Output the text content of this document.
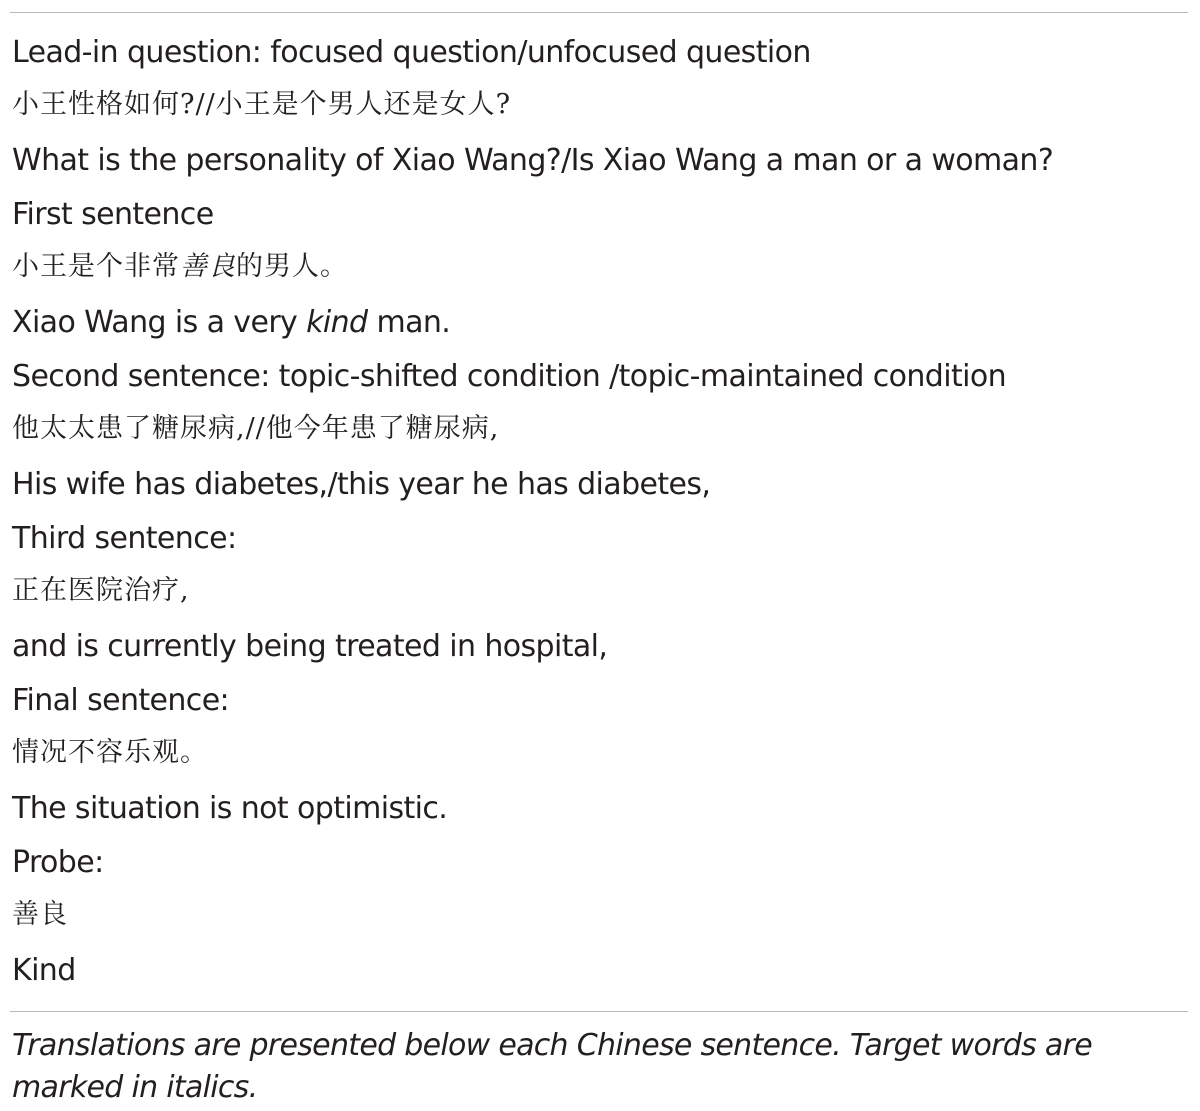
Lead-in question: focused question/unfocused question
小王性格如何?//小王是个男人还是女人?
What is the personality of Xiao Wang?/Is Xiao Wang a man or a woman?
First sentence
小王是个非常善良的男人。
Xiao Wang is a very kind man.
Second sentence: topic-shifted condition /topic-maintained condition
他太太患了糖尿病,//他今年患了糖尿病,
His wife has diabetes,/this year he has diabetes,
Third sentence:
正在医院治疗,
and is currently being treated in hospital,
Final sentence:
情况不容乐观。
The situation is not optimistic.
Probe:
善良
Kind
Translations are presented below each Chinese sentence. Target words are marked in italics.
